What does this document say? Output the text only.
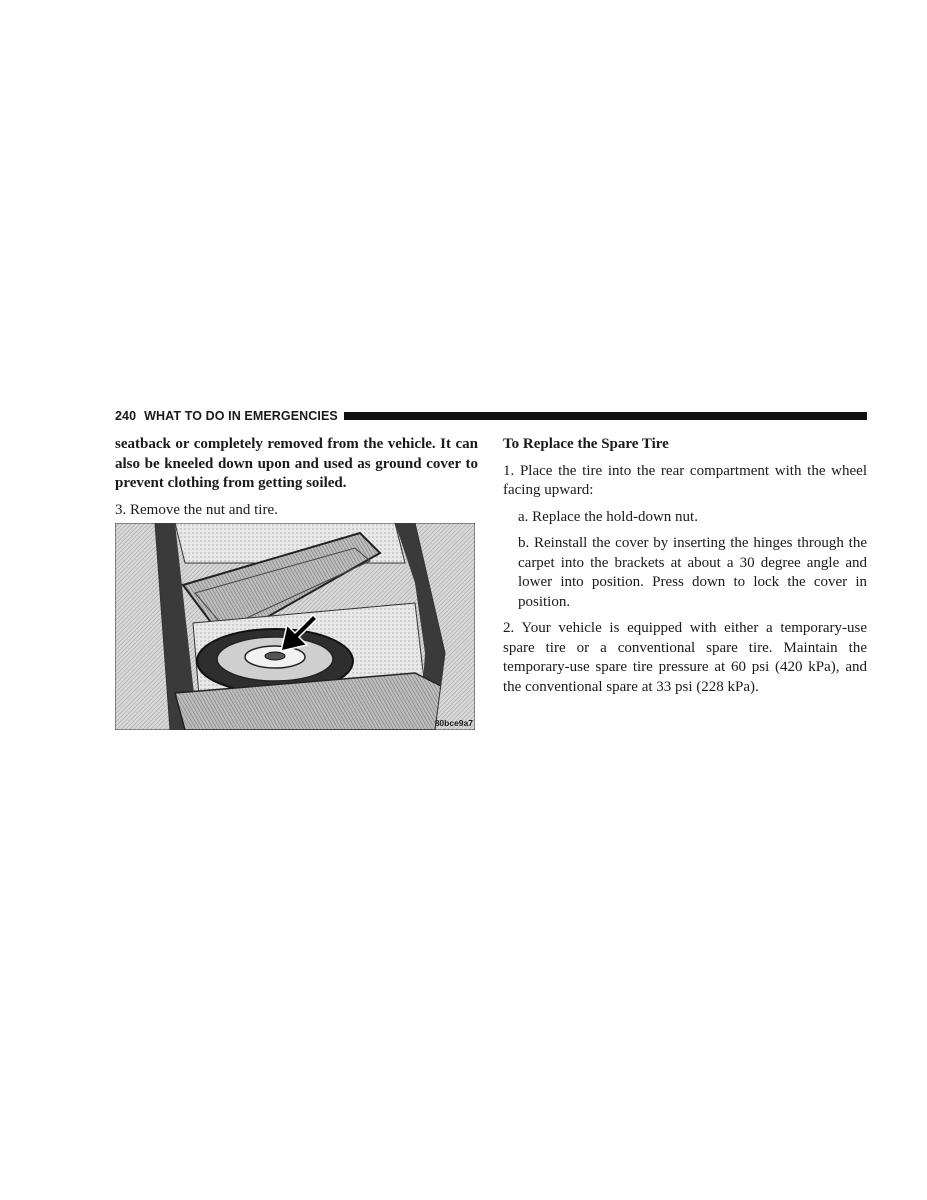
240 WHAT TO DO IN EMERGENCIES

seatback or completely removed from the vehicle. It can also be kneeled down upon and used as ground cover to prevent clothing from getting soiled.

3. Remove the nut and tire.

80bce9a7

To Replace the Spare Tire

1. Place the tire into the rear compartment with the wheel facing upward:

a. Replace the hold-down nut.

b. Reinstall the cover by inserting the hinges through the carpet into the brackets at about a 30 degree angle and lower into position. Press down to lock the cover in position.

2. Your vehicle is equipped with either a temporary-use spare tire or a conventional spare tire. Maintain the temporary-use spare tire pressure at 60 psi (420 kPa), and the conventional spare at 33 psi (228 kPa).
